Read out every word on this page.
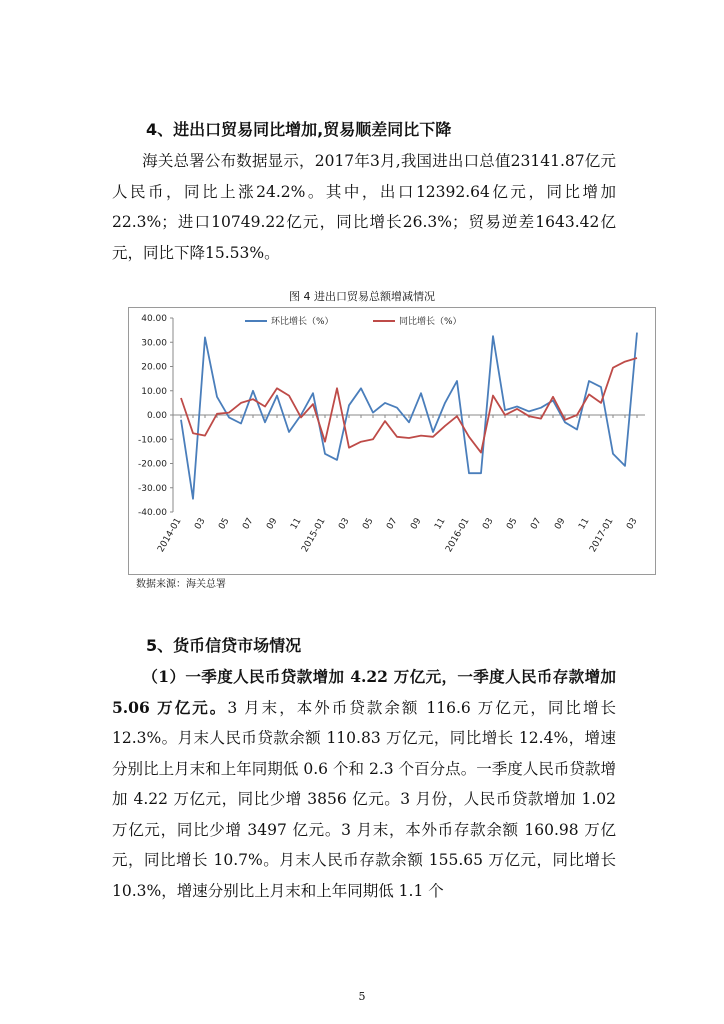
4、进出口贸易同比增加,贸易顺差同比下降

海关总署公布数据显示，2017年3月,我国进出口总值23141.87亿元人民币，同比上涨24.2%。其中，出口12392.64亿元，同比增加22.3%；进口10749.22亿元，同比增长26.3%；贸易逆差1643.42亿元，同比下降15.53%。

图 4 进出口贸易总额增减情况
40.00
30.00
20.00
10.00
0.00
-10.00
-20.00
-30.00
-40.00
2014-01 03 05 07 09 11
2015-01 03 05 07 09 11
2016-01 03 05 07 09 11
2017-01 03
环比增长（%）	同比增长（%）
数据来源：海关总署
5、货币信贷市场情况

（1）一季度人民币贷款增加 4.22 万亿元，一季度人民币存款增加 5.06 万亿元。3 月末，本外币贷款余额 116.6 万亿元，同比增长 12.3%。月末人民币贷款余额 110.83 万亿元，同比增长 12.4%，增速分别比上月末和上年同期低 0.6 个和 2.3 个百分点。一季度人民币贷款增加 4.22 万亿元，同比少增 3856 亿元。3 月份，人民币贷款增加 1.02 万亿元，同比少增 3497 亿元。3 月末，本外币存款余额 160.98 万亿元，同比增长 10.7%。月末人民币存款余额 155.65 万亿元，同比增长 10.3%，增速分别比上月末和上年同期低 1.1 个

5
